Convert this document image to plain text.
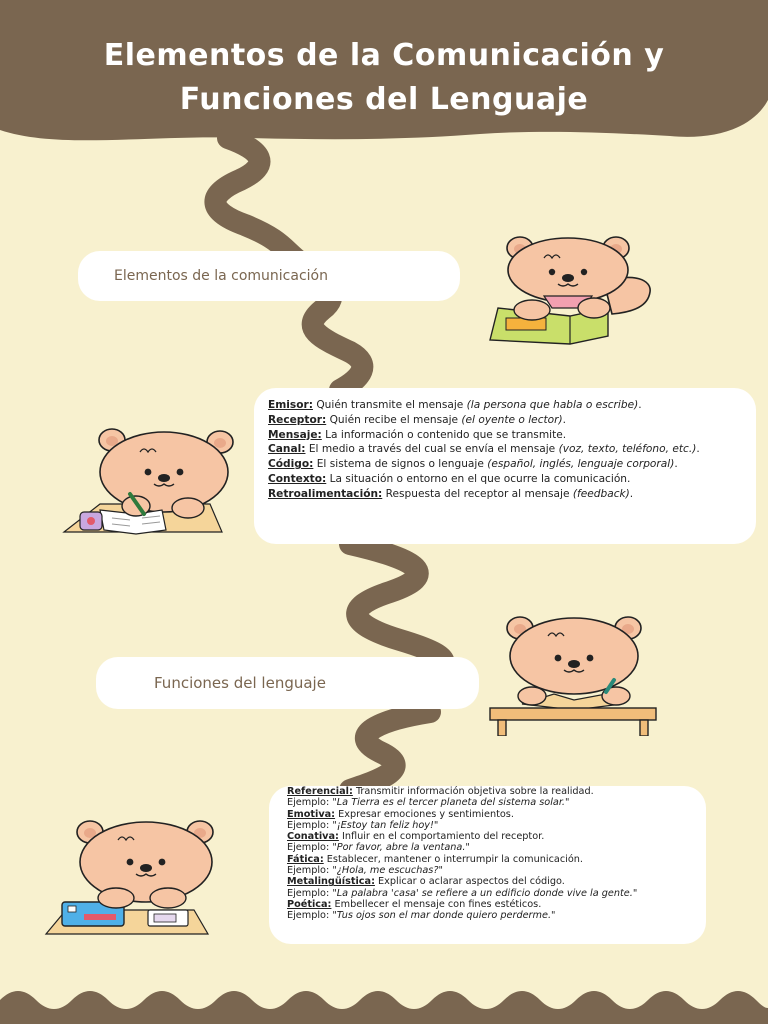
Elementos de la Comunicación y
Funciones del Lenguaje
Elementos de la comunicación
Funciones del lenguaje

Emisor: Quién transmite el mensaje (la persona que habla o escribe).

Receptor: Quién recibe el mensaje (el oyente o lector).

Mensaje: La información o contenido que se transmite.

Canal: El medio a través del cual se envía el mensaje (voz, texto, teléfono, etc.).

Código: El sistema de signos o lenguaje (español, inglés, lenguaje corporal).

Contexto: La situación o entorno en el que ocurre la comunicación.

Retroalimentación: Respuesta del receptor al mensaje (feedback).

Referencial: Transmitir información objetiva sobre la realidad.
Ejemplo: "La Tierra es el tercer planeta del sistema solar."

Emotiva: Expresar emociones y sentimientos.
Ejemplo: "¡Estoy tan feliz hoy!"

Conativa: Influir en el comportamiento del receptor.
Ejemplo: "Por favor, abre la ventana."

Fática: Establecer, mantener o interrumpir la comunicación.
Ejemplo: "¿Hola, me escuchas?"

Metalingüística: Explicar o aclarar aspectos del código.
Ejemplo: "La palabra 'casa' se refiere a un edificio donde vive la gente."

Poética: Embellecer el mensaje con fines estéticos.
Ejemplo: "Tus ojos son el mar donde quiero perderme."
